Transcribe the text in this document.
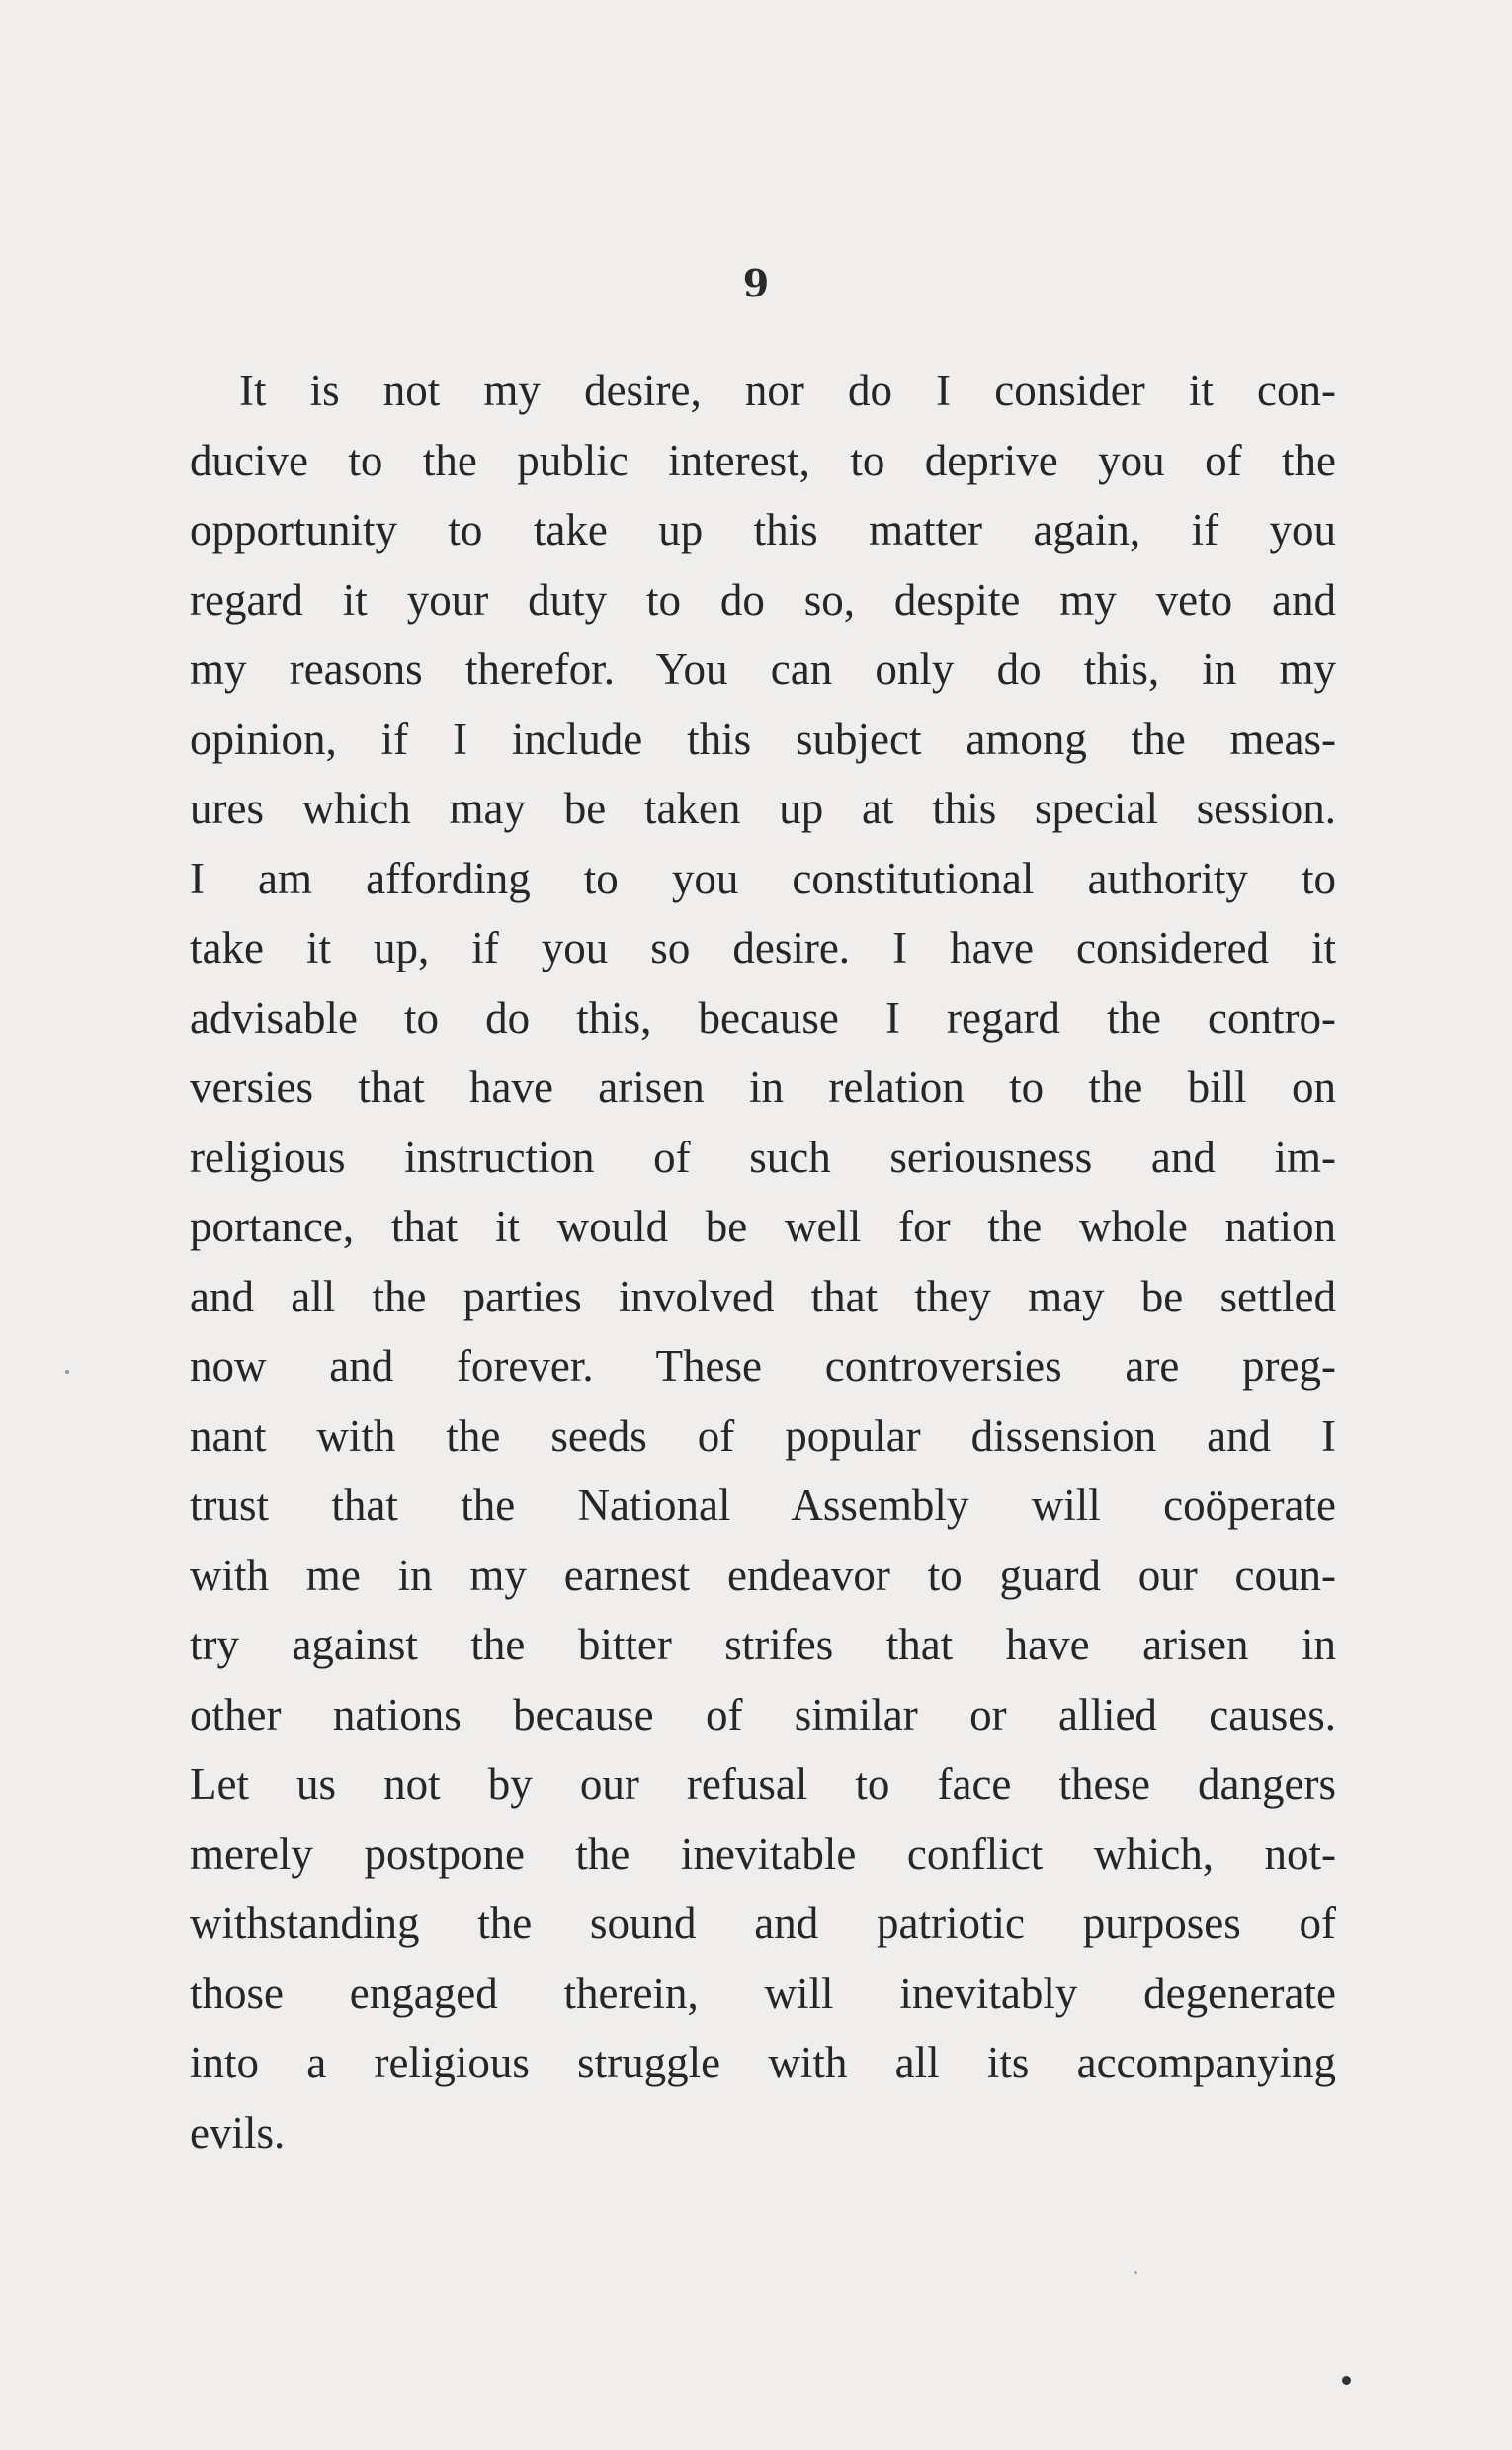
9
It is not my desire, nor do I consider it con-
ducive to the public interest, to deprive you of the
opportunity to take up this matter again, if you
regard it your duty to do so, despite my veto and
my reasons therefor. You can only do this, in my
opinion, if I include this subject among the meas-
ures which may be taken up at this special session.
I am affording to you constitutional authority to
take it up, if you so desire. I have considered it
advisable to do this, because I regard the contro-
versies that have arisen in relation to the bill on
religious instruction of such seriousness and im-
portance, that it would be well for the whole nation
and all the parties involved that they may be settled
now and forever. These controversies are preg-
nant with the seeds of popular dissension and I
trust that the National Assembly will coöperate
with me in my earnest endeavor to guard our coun-
try against the bitter strifes that have arisen in
other nations because of similar or allied causes.
Let us not by our refusal to face these dangers
merely postpone the inevitable conflict which, not-
withstanding the sound and patriotic purposes of
those engaged therein, will inevitably degenerate
into a religious struggle with all its accompanying
evils.
